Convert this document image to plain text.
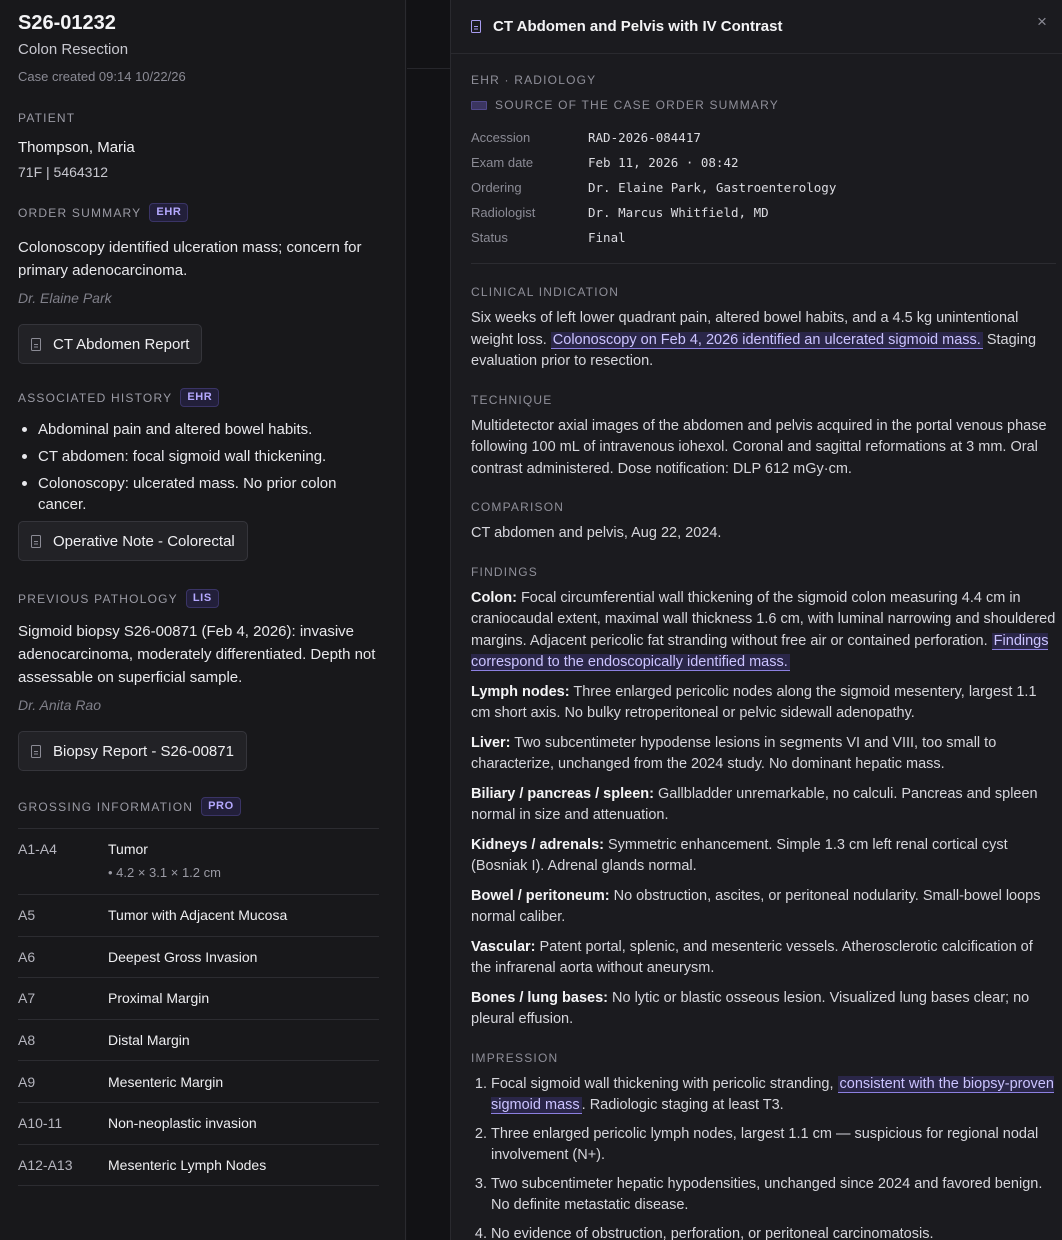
S26-01232
Colon Resection
Case created 09:14 10/22/26
PATIENT
Thompson, Maria
71F | 5464312
ORDER SUMMARY	EHR
Colonoscopy identified ulceration mass; concern for primary adenocarcinoma.
Dr. Elaine Park
CT Abdomen Report
ASSOCIATED HISTORY	EHR
Abdominal pain and altered bowel habits.
CT abdomen: focal sigmoid wall thickening.
Colonoscopy: ulcerated mass. No prior colon cancer.
Operative Note - Colorectal
PREVIOUS PATHOLOGY	LIS
Sigmoid biopsy S26-00871 (Feb 4, 2026): invasive adenocarcinoma, moderately differentiated. Depth not assessable on superficial sample.
Dr. Anita Rao
Biopsy Report - S26-00871
GROSSING INFORMATION	PRO
A1-A4	Tumor
• 4.2 × 3.1 × 1.2 cm
A5	Tumor with Adjacent Mucosa
A6	Deepest Gross Invasion
A7	Proximal Margin
A8	Distal Margin
A9	Mesenteric Margin
A10-11	Non-neoplastic invasion
A12-A13	Mesenteric Lymph Nodes
CT Abdomen and Pelvis with IV Contrast	×
EHR · RADIOLOGY
SOURCE OF THE CASE ORDER SUMMARY
Accession	RAD-2026-084417
Exam date	Feb 11, 2026 · 08:42
Ordering	Dr. Elaine Park, Gastroenterology
Radiologist	Dr. Marcus Whitfield, MD
Status	Final
CLINICAL INDICATION
Six weeks of left lower quadrant pain, altered bowel habits, and a 4.5 kg unintentional weight loss. Colonoscopy on Feb 4, 2026 identified an ulcerated sigmoid mass. Staging evaluation prior to resection.
TECHNIQUE
Multidetector axial images of the abdomen and pelvis acquired in the portal venous phase following 100 mL of intravenous iohexol. Coronal and sagittal reformations at 3 mm. Oral contrast administered. Dose notification: DLP 612 mGy·cm.
COMPARISON
CT abdomen and pelvis, Aug 22, 2024.
FINDINGS
Colon: Focal circumferential wall thickening of the sigmoid colon measuring 4.4 cm in craniocaudal extent, maximal wall thickness 1.6 cm, with luminal narrowing and shouldered margins. Adjacent pericolic fat stranding without free air or contained perforation. Findings correspond to the endoscopically identified mass.
Lymph nodes: Three enlarged pericolic nodes along the sigmoid mesentery, largest 1.1 cm short axis. No bulky retroperitoneal or pelvic sidewall adenopathy.
Liver: Two subcentimeter hypodense lesions in segments VI and VIII, too small to characterize, unchanged from the 2024 study. No dominant hepatic mass.
Biliary / pancreas / spleen: Gallbladder unremarkable, no calculi. Pancreas and spleen normal in size and attenuation.
Kidneys / adrenals: Symmetric enhancement. Simple 1.3 cm left renal cortical cyst (Bosniak I). Adrenal glands normal.
Bowel / peritoneum: No obstruction, ascites, or peritoneal nodularity. Small-bowel loops normal caliber.
Vascular: Patent portal, splenic, and mesenteric vessels. Atherosclerotic calcification of the infrarenal aorta without aneurysm.
Bones / lung bases: No lytic or blastic osseous lesion. Visualized lung bases clear; no pleural effusion.
IMPRESSION
1. Focal sigmoid wall thickening with pericolic stranding, consistent with the biopsy-proven sigmoid mass . Radiologic staging at least T3.
2. Three enlarged pericolic lymph nodes, largest 1.1 cm — suspicious for regional nodal involvement (N+).
3. Two subcentimeter hepatic hypodensities, unchanged since 2024 and favored benign. No definite metastatic disease.
4. No evidence of obstruction, perforation, or peritoneal carcinomatosis.
